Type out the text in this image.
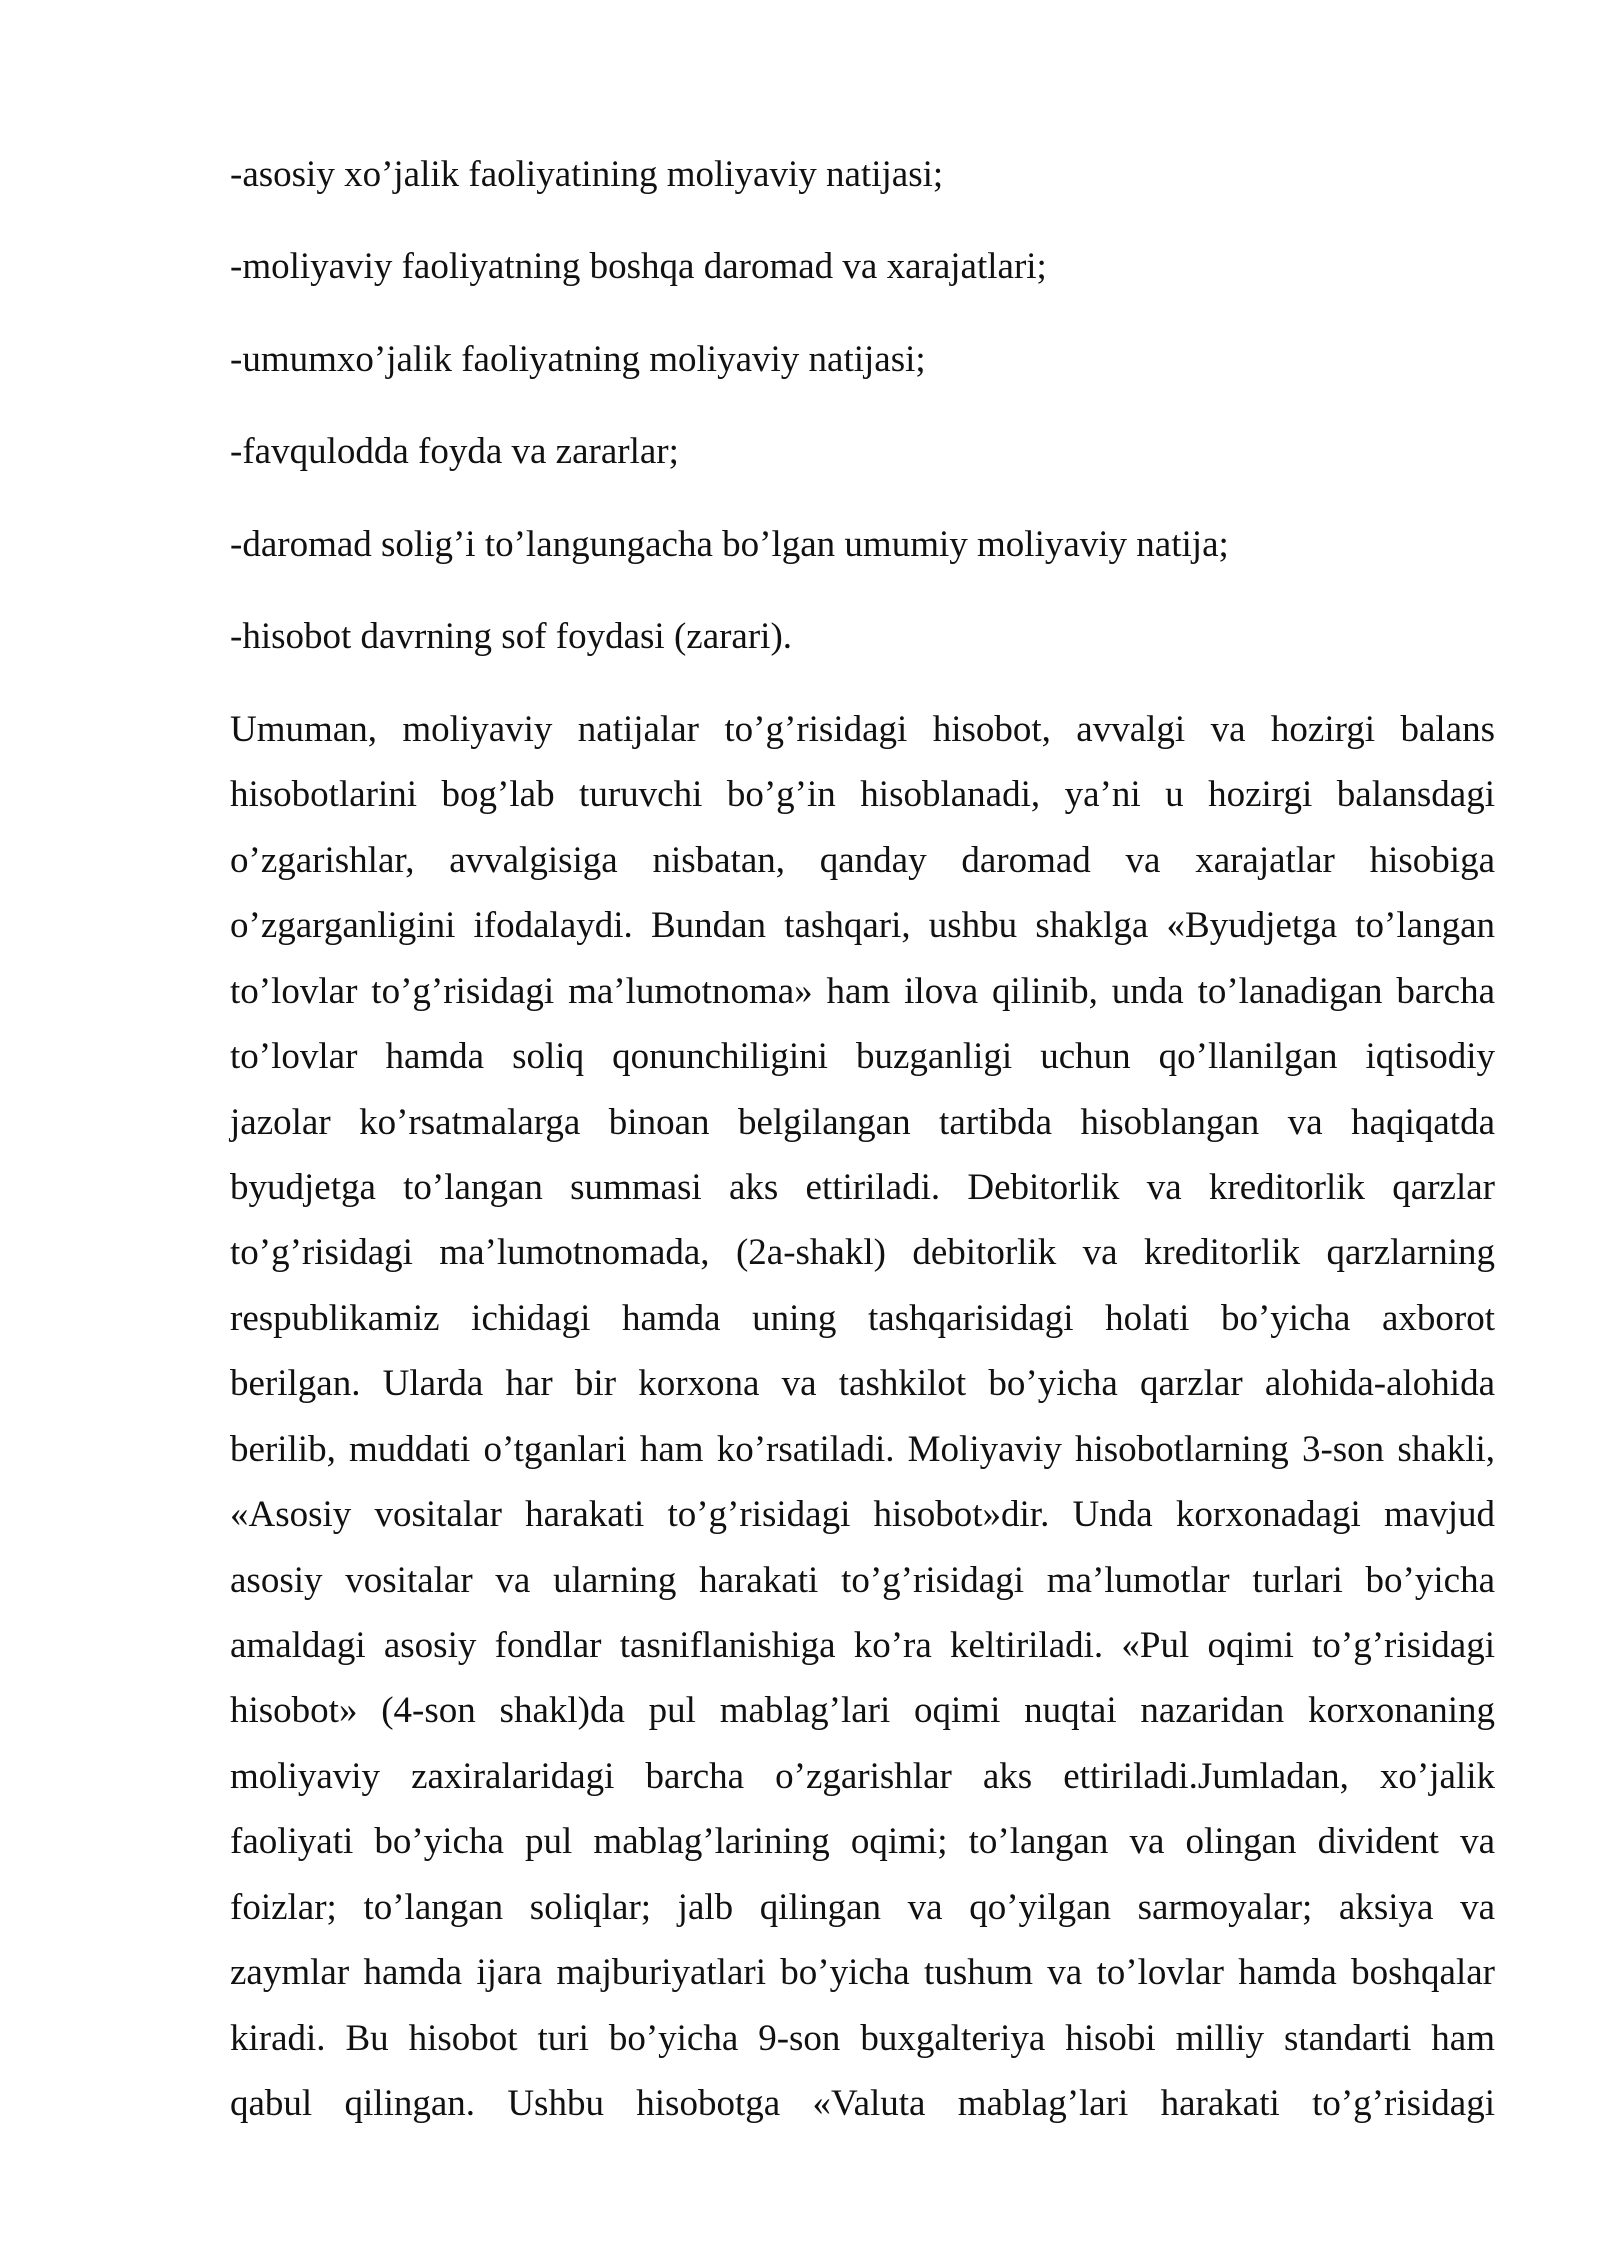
-asosiy xo’jalik faoliyatining moliyaviy natijasi;
-moliyaviy faoliyatning boshqa daromad va xarajatlari;
-umumxo’jalik faoliyatning moliyaviy natijasi;
-favqulodda foyda va zararlar;
-daromad solig’i to’langungacha bo’lgan umumiy moliyaviy natija;
-hisobot davrning sof foydasi (zarari).
Umuman, moliyaviy natijalar to’g’risidagi hisobot, avvalgi va hozirgi balans
hisobotlarini bog’lab turuvchi bo’g’in hisoblanadi, ya’ni u hozirgi balansdagi
o’zgarishlar, avvalgisiga nisbatan, qanday daromad va xarajatlar hisobiga
o’zgarganligini ifodalaydi. Bundan tashqari, ushbu shaklga «Byudjetga to’langan
to’lovlar to’g’risidagi ma’lumotnoma» ham ilova qilinib, unda to’lanadigan barcha
to’lovlar hamda soliq qonunchiligini buzganligi uchun qo’llanilgan iqtisodiy
jazolar ko’rsatmalarga binoan belgilangan tartibda hisoblangan va haqiqatda
byudjetga to’langan summasi aks ettiriladi. Debitorlik va kreditorlik qarzlar
to’g’risidagi ma’lumotnomada, (2a-shakl) debitorlik va kreditorlik qarzlarning
respublikamiz ichidagi hamda uning tashqarisidagi holati bo’yicha axborot
berilgan. Ularda har bir korxona va tashkilot bo’yicha qarzlar alohida-alohida
berilib, muddati o’tganlari ham ko’rsatiladi. Moliyaviy hisobotlarning 3-son shakli,
«Asosiy vositalar harakati to’g’risidagi hisobot»dir. Unda korxonadagi mavjud
asosiy vositalar va ularning harakati to’g’risidagi ma’lumotlar turlari bo’yicha
amaldagi asosiy fondlar tasniflanishiga ko’ra keltiriladi. «Pul oqimi to’g’risidagi
hisobot» (4-son shakl)da pul mablag’lari oqimi nuqtai nazaridan korxonaning
moliyaviy zaxiralaridagi barcha o’zgarishlar aks ettiriladi.Jumladan, xo’jalik
faoliyati bo’yicha pul mablag’larining oqimi; to’langan va olingan divident va
foizlar; to’langan soliqlar; jalb qilingan va qo’yilgan sarmoyalar; aksiya va
zaymlar hamda ijara majburiyatlari bo’yicha tushum va to’lovlar hamda boshqalar
kiradi. Bu hisobot turi bo’yicha 9-son buxgalteriya hisobi milliy standarti ham
qabul qilingan. Ushbu hisobotga «Valuta mablag’lari harakati to’g’risidagi
